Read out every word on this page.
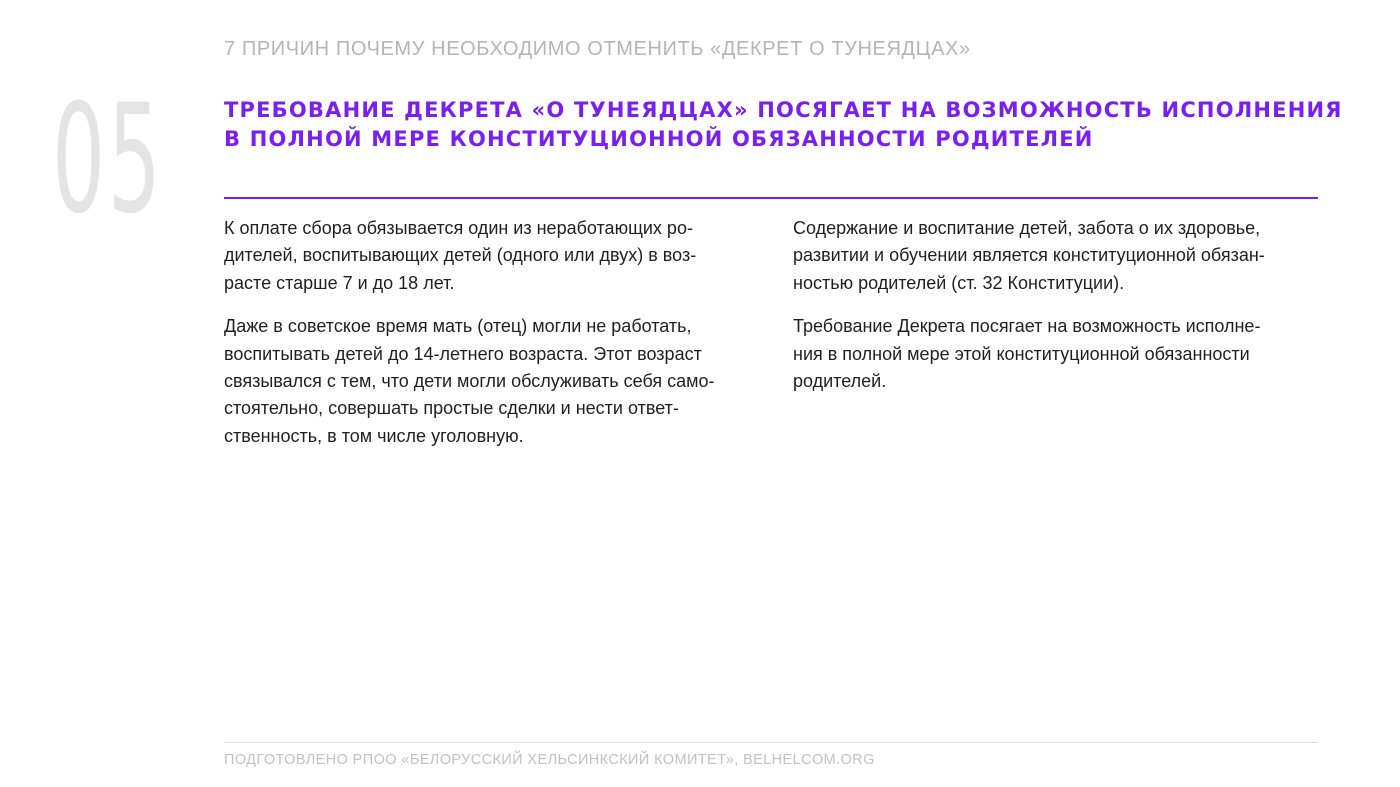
05
7 ПРИЧИН ПОЧЕМУ НЕОБХОДИМО ОТМЕНИТЬ «ДЕКРЕТ О ТУНЕЯДЦАХ»
ТРЕБОВАНИЕ ДЕКРЕТА «О ТУНЕЯДЦАХ» ПОСЯГАЕТ НА ВОЗМОЖНОСТЬ ИСПОЛНЕНИЯ
В ПОЛНОЙ МЕРЕ КОНСТИТУЦИОННОЙ ОБЯЗАННОСТИ РОДИТЕЛЕЙ

К оплате сбора обязывается один из неработающих ро-
дителей, воспитывающих детей (одного или двух) в воз-
расте старше 7 и до 18 лет.

Даже в советское время мать (отец) могли не работать,
воспитывать детей до 14-летнего возраста. Этот возраст
связывался с тем, что дети могли обслуживать себя само-
стоятельно, совершать простые сделки и нести ответ-
ственность, в том числе уголовную.

Содержание и воспитание детей, забота о их здоровье,
развитии и обучении является конституционной обязан-
ностью родителей (ст. 32 Конституции).

Требование Декрета посягает на возможность исполне-
ния в полной мере этой конституционной обязанности
родителей.

ПОДГОТОВЛЕНО РПОО «БЕЛОРУССКИЙ ХЕЛЬСИНКСКИЙ КОМИТЕТ», BELHELCOM.ORG
